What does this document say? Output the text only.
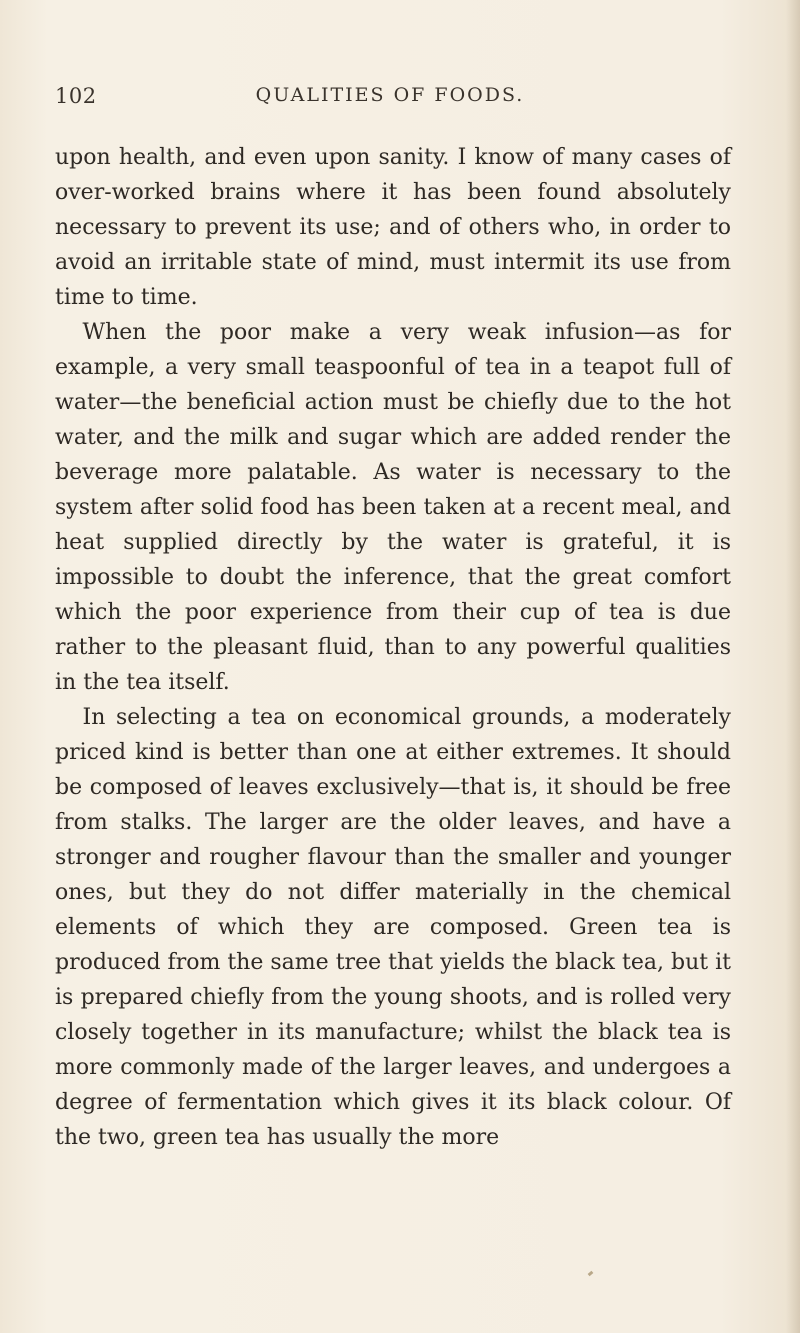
102	QUALITIES OF FOODS.

upon health, and even upon sanity. I know of many cases of over-worked brains where it has been found absolutely necessary to prevent its use; and of others who, in order to avoid an irritable state of mind, must intermit its use from time to time.

When the poor make a very weak infusion—as for example, a very small teaspoonful of tea in a teapot full of water—the beneficial action must be chiefly due to the hot water, and the milk and sugar which are added render the beverage more palatable. As water is necessary to the system after solid food has been taken at a recent meal, and heat supplied directly by the water is grateful, it is impossible to doubt the inference, that the great comfort which the poor experience from their cup of tea is due rather to the pleasant fluid, than to any powerful qualities in the tea itself.

In selecting a tea on economical grounds, a moderately priced kind is better than one at either extremes. It should be composed of leaves exclusively—that is, it should be free from stalks. The larger are the older leaves, and have a stronger and rougher flavour than the smaller and younger ones, but they do not differ materially in the chemical elements of which they are composed. Green tea is produced from the same tree that yields the black tea, but it is prepared chiefly from the young shoots, and is rolled very closely together in its manufacture; whilst the black tea is more commonly made of the larger leaves, and undergoes a degree of fermentation which gives it its black colour. Of the two, green tea has usually the more
